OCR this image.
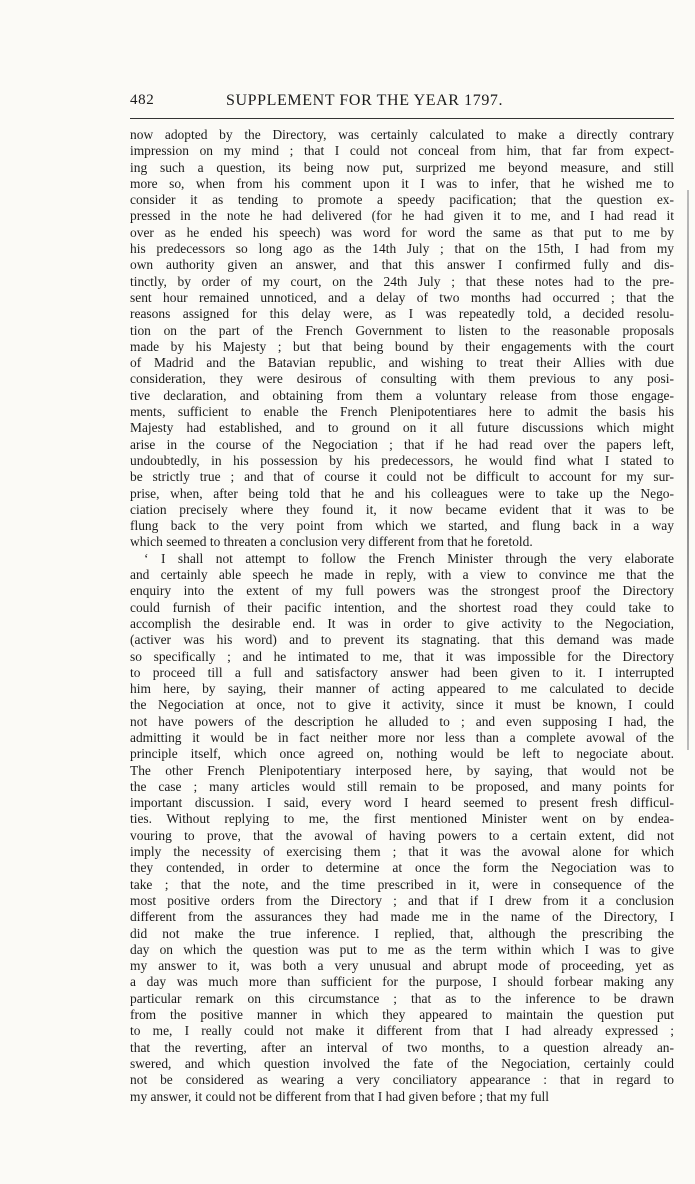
482	SUPPLEMENT FOR THE YEAR 1797.
now adopted by the Directory, was certainly calculated to make a directly contrary
impression on my mind ; that I could not conceal from him, that far from expect-
ing such a question, its being now put, surprized me beyond measure, and still
more so, when from his comment upon it I was to infer, that he wished me to
consider it as tending to promote a speedy pacification; that the question ex-
pressed in the note he had delivered (for he had given it to me, and I had read it
over as he ended his speech) was word for word the same as that put to me by
his predecessors so long ago as the 14th July ; that on the 15th, I had from my
own authority given an answer, and that this answer I confirmed fully and dis-
tinctly, by order of my court, on the 24th July ; that these notes had to the pre-
sent hour remained unnoticed, and a delay of two months had occurred ; that the
reasons assigned for this delay were, as I was repeatedly told, a decided resolu-
tion on the part of the French Government to listen to the reasonable proposals
made by his Majesty ; but that being bound by their engagements with the court
of Madrid and the Batavian republic, and wishing to treat their Allies with due
consideration, they were desirous of consulting with them previous to any posi-
tive declaration, and obtaining from them a voluntary release from those engage-
ments, sufficient to enable the French Plenipotentiares here to admit the basis his
Majesty had established, and to ground on it all future discussions which might
arise in the course of the Negociation ; that if he had read over the papers left,
undoubtedly, in his possession by his predecessors, he would find what I stated to
be strictly true ; and that of course it could not be difficult to account for my sur-
prise, when, after being told that he and his colleagues were to take up the Nego-
ciation precisely where they found it, it now became evident that it was to be
flung back to the very point from which we started, and flung back in a way
which seemed to threaten a conclusion very different from that he foretold.
‘ I shall not attempt to follow the French Minister through the very elaborate
and certainly able speech he made in reply, with a view to convince me that the
enquiry into the extent of my full powers was the strongest proof the Directory
could furnish of their pacific intention, and the shortest road they could take to
accomplish the desirable end. It was in order to give activity to the Negociation,
(activer was his word) and to prevent its stagnating. that this demand was made
so specifically ; and he intimated to me, that it was impossible for the Directory
to proceed till a full and satisfactory answer had been given to it. I interrupted
him here, by saying, their manner of acting appeared to me calculated to decide
the Negociation at once, not to give it activity, since it must be known, I could
not have powers of the description he alluded to ; and even supposing I had, the
admitting it would be in fact neither more nor less than a complete avowal of the
principle itself, which once agreed on, nothing would be left to negociate about.
The other French Plenipotentiary interposed here, by saying, that would not be
the case ; many articles would still remain to be proposed, and many points for
important discussion. I said, every word I heard seemed to present fresh difficul-
ties. Without replying to me, the first mentioned Minister went on by endea-
vouring to prove, that the avowal of having powers to a certain extent, did not
imply the necessity of exercising them ; that it was the avowal alone for which
they contended, in order to determine at once the form the Negociation was to
take ; that the note, and the time prescribed in it, were in consequence of the
most positive orders from the Directory ; and that if I drew from it a conclusion
different from the assurances they had made me in the name of the Directory, I
did not make the true inference. I replied, that, although the prescribing the
day on which the question was put to me as the term within which I was to give
my answer to it, was both a very unusual and abrupt mode of proceeding, yet as
a day was much more than sufficient for the purpose, I should forbear making any
particular remark on this circumstance ; that as to the inference to be drawn
from the positive manner in which they appeared to maintain the question put
to me, I really could not make it different from that I had already expressed ;
that the reverting, after an interval of two months, to a question already an-
swered, and which question involved the fate of the Negociation, certainly could
not be considered as wearing a very conciliatory appearance : that in regard to
my answer, it could not be different from that I had given before ; that my full
